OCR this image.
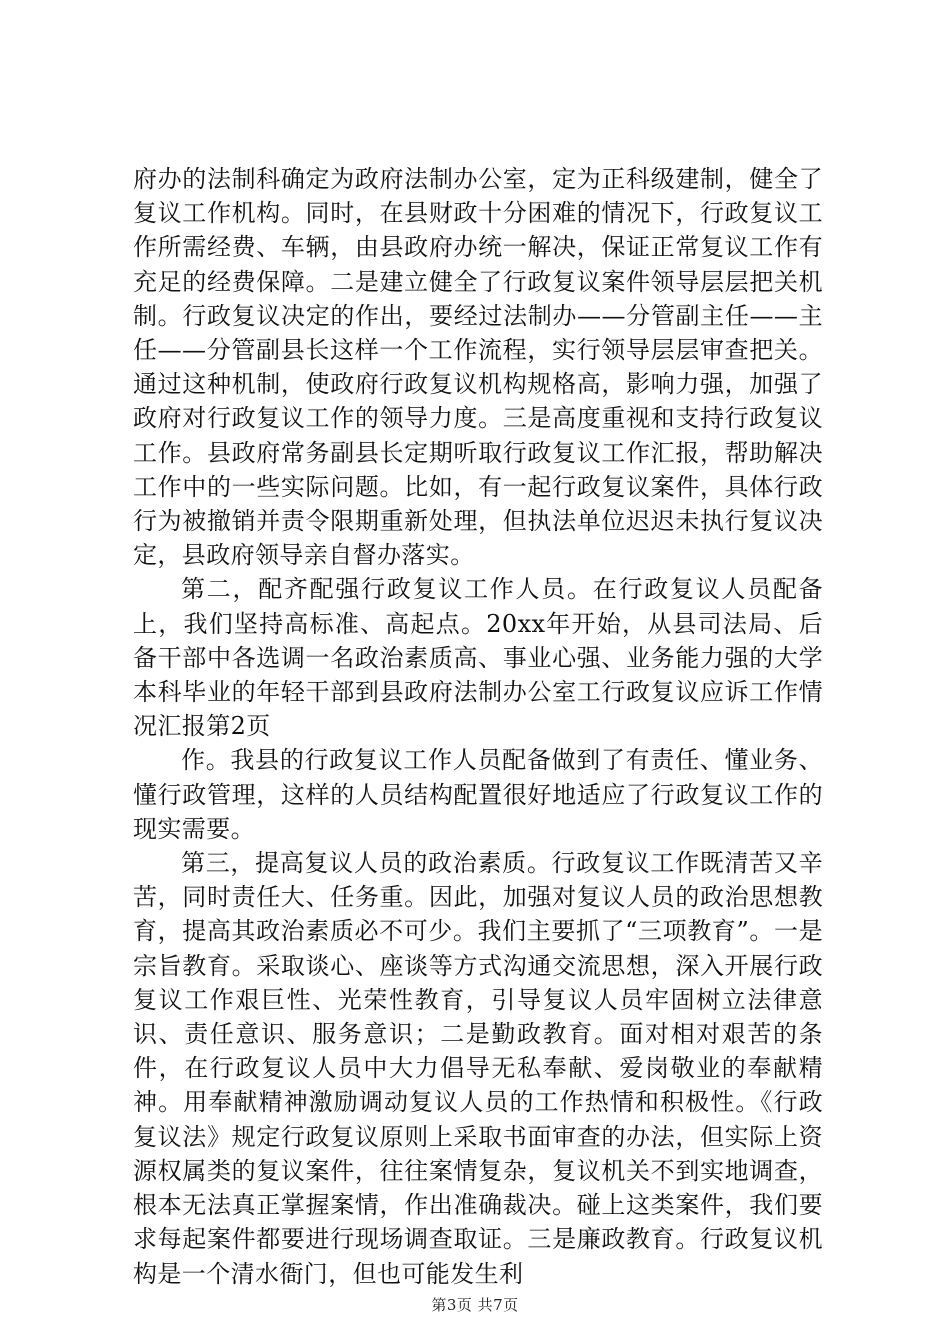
府办的法制科确定为政府法制办公室，定为正科级建制，健全了复议工作机构。同时，在县财政十分困难的情况下，行政复议工作所需经费、车辆，由县政府办统一解决，保证正常复议工作有充足的经费保障。二是建立健全了行政复议案件领导层层把关机制。行政复议决定的作出，要经过法制办——分管副主任——主任——分管副县长这样一个工作流程，实行领导层层审查把关。通过这种机制，使政府行政复议机构规格高，影响力强，加强了政府对行政复议工作的领导力度。三是高度重视和支持行政复议工作。县政府常务副县长定期听取行政复议工作汇报，帮助解决工作中的一些实际问题。比如，有一起行政复议案件，具体行政行为被撤销并责令限期重新处理，但执法单位迟迟未执行复议决定，县政府领导亲自督办落实。

第二，配齐配强行政复议工作人员。在行政复议人员配备上，我们坚持高标准、高起点。20xx年开始，从县司法局、后备干部中各选调一名政治素质高、事业心强、业务能力强的大学本科毕业的年轻干部到县政府法制办公室工行政复议应诉工作情况汇报第2页

作。我县的行政复议工作人员配备做到了有责任、懂业务、懂行政管理，这样的人员结构配置很好地适应了行政复议工作的现实需要。

第三，提高复议人员的政治素质。行政复议工作既清苦又辛苦，同时责任大、任务重。因此，加强对复议人员的政治思想教育，提高其政治素质必不可少。我们主要抓了“三项教育”。一是宗旨教育。采取谈心、座谈等方式沟通交流思想，深入开展行政复议工作艰巨性、光荣性教育，引导复议人员牢固树立法律意识、责任意识、服务意识；二是勤政教育。面对相对艰苦的条件，在行政复议人员中大力倡导无私奉献、爱岗敬业的奉献精神。用奉献精神激励调动复议人员的工作热情和积极性。《行政复议法》规定行政复议原则上采取书面审查的办法，但实际上资源权属类的复议案件，往往案情复杂，复议机关不到实地调查，根本无法真正掌握案情，作出准确裁决。碰上这类案件，我们要求每起案件都要进行现场调查取证。三是廉政教育。行政复议机构是一个清水衙门，但也可能发生利

第3页 共7页
